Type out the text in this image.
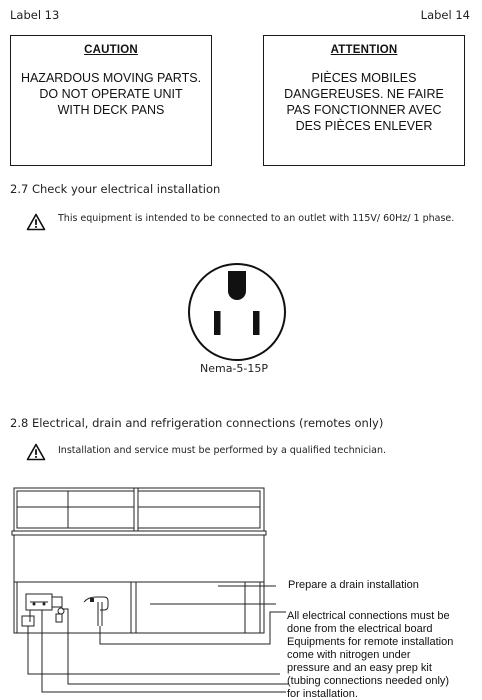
Label 13	Label 14
CAUTION
HAZARDOUS MOVING PARTS.
DO NOT OPERATE UNIT
WITH DECK PANS
ATTENTION
PIÈCES MOBILES
DANGEREUSES. NE FAIRE
PAS FONCTIONNER AVEC
DES PIÈCES ENLEVER
2.7 Check your electrical installation
This equipment is intended to be connected to an outlet with 115V/ 60Hz/ 1 phase.
Nema-5-15P
2.8 Electrical, drain and refrigeration connections (remotes only)
Installation and service must be performed by a qualified technician.
Prepare a drain installation
All electrical connections must be
done from the electrical board
Equipments for remote installation
come with nitrogen under
pressure and an easy prep kit
(tubing connections needed only)
for installation.
